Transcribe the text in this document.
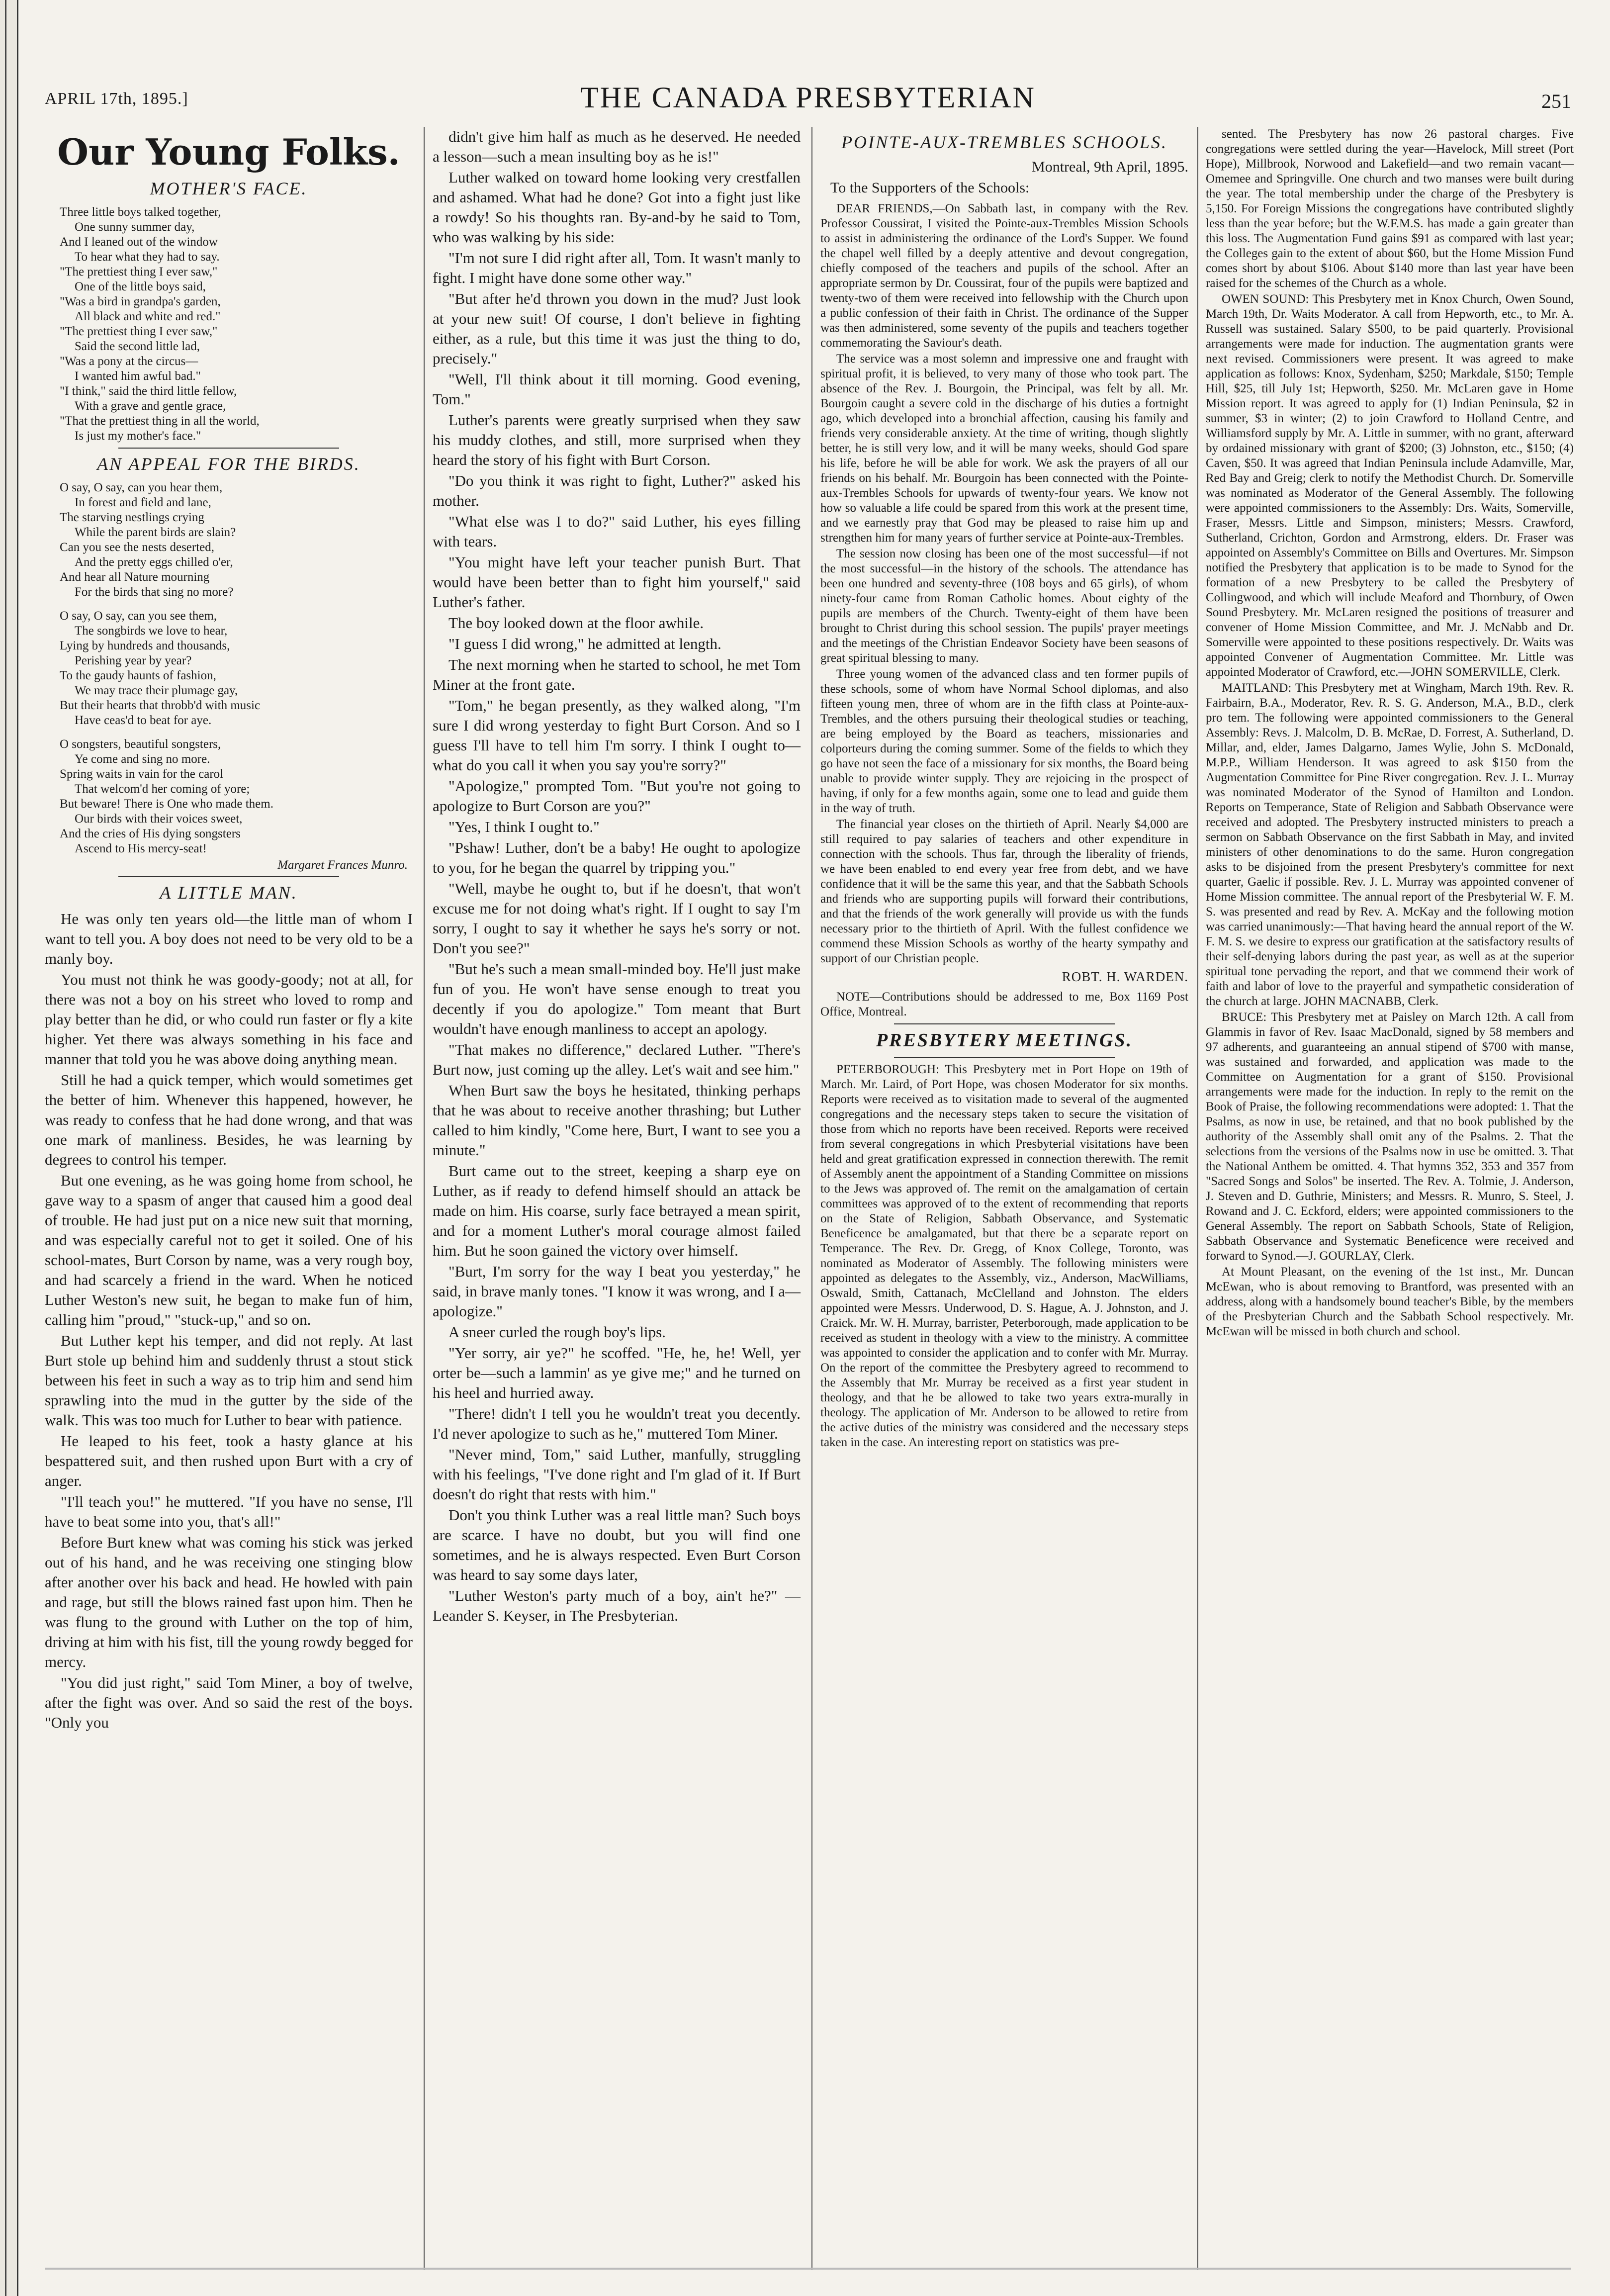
APRIL 17th, 1895.]	THE CANADA PRESBYTERIAN	251
Our Young Folks.
MOTHER'S FACE.
Three little boys talked together,
One sunny summer day,
And I leaned out of the window
To hear what they had to say.
"The prettiest thing I ever saw,"
One of the little boys said,
"Was a bird in grandpa's garden,
All black and white and red."
"The prettiest thing I ever saw,"
Said the second little lad,
"Was a pony at the circus—
I wanted him awful bad."
"I think," said the third little fellow,
With a grave and gentle grace,
"That the prettiest thing in all the world,
Is just my mother's face."
AN APPEAL FOR THE BIRDS.
O say, O say, can you hear them,
In forest and field and lane,
The starving nestlings crying
While the parent birds are slain?
Can you see the nests deserted,
And the pretty eggs chilled o'er,
And hear all Nature mourning
For the birds that sing no more?
O say, O say, can you see them,
The songbirds we love to hear,
Lying by hundreds and thousands,
Perishing year by year?
To the gaudy haunts of fashion,
We may trace their plumage gay,
But their hearts that throbb'd with music
Have ceas'd to beat for aye.
O songsters, beautiful songsters,
Ye come and sing no more.
Spring waits in vain for the carol
That welcom'd her coming of yore;
But beware! There is One who made them.
Our birds with their voices sweet,
And the cries of His dying songsters
Ascend to His mercy-seat!
Margaret Frances Munro.
A LITTLE MAN.

He was only ten years old—the little man of whom I want to tell you. A boy does not need to be very old to be a manly boy.

You must not think he was goody-goody; not at all, for there was not a boy on his street who loved to romp and play better than he did, or who could run faster or fly a kite higher. Yet there was always something in his face and manner that told you he was above doing anything mean.

Still he had a quick temper, which would sometimes get the better of him. Whenever this happened, however, he was ready to confess that he had done wrong, and that was one mark of manliness. Besides, he was learning by degrees to control his temper.

But one evening, as he was going home from school, he gave way to a spasm of anger that caused him a good deal of trouble. He had just put on a nice new suit that morning, and was especially careful not to get it soiled. One of his school-mates, Burt Corson by name, was a very rough boy, and had scarcely a friend in the ward. When he noticed Luther Weston's new suit, he began to make fun of him, calling him "proud," "stuck-up," and so on.

But Luther kept his temper, and did not reply. At last Burt stole up behind him and suddenly thrust a stout stick between his feet in such a way as to trip him and send him sprawling into the mud in the gutter by the side of the walk. This was too much for Luther to bear with patience.

He leaped to his feet, took a hasty glance at his bespattered suit, and then rushed upon Burt with a cry of anger.

"I'll teach you!" he muttered. "If you have no sense, I'll have to beat some into you, that's all!"

Before Burt knew what was coming his stick was jerked out of his hand, and he was receiving one stinging blow after another over his back and head. He howled with pain and rage, but still the blows rained fast upon him. Then he was flung to the ground with Luther on the top of him, driving at him with his fist, till the young rowdy begged for mercy.

"You did just right," said Tom Miner, a boy of twelve, after the fight was over. And so said the rest of the boys. "Only you

didn't give him half as much as he deserved. He needed a lesson—such a mean insulting boy as he is!"

Luther walked on toward home looking very crestfallen and ashamed. What had he done? Got into a fight just like a rowdy! So his thoughts ran. By-and-by he said to Tom, who was walking by his side:

"I'm not sure I did right after all, Tom. It wasn't manly to fight. I might have done some other way."

"But after he'd thrown you down in the mud? Just look at your new suit! Of course, I don't believe in fighting either, as a rule, but this time it was just the thing to do, precisely."

"Well, I'll think about it till morning. Good evening, Tom."

Luther's parents were greatly surprised when they saw his muddy clothes, and still, more surprised when they heard the story of his fight with Burt Corson.

"Do you think it was right to fight, Luther?" asked his mother.

"What else was I to do?" said Luther, his eyes filling with tears.

"You might have left your teacher punish Burt. That would have been better than to fight him yourself," said Luther's father.

The boy looked down at the floor awhile.

"I guess I did wrong," he admitted at length.

The next morning when he started to school, he met Tom Miner at the front gate.

"Tom," he began presently, as they walked along, "I'm sure I did wrong yesterday to fight Burt Corson. And so I guess I'll have to tell him I'm sorry. I think I ought to—what do you call it when you say you're sorry?"

"Apologize," prompted Tom. "But you're not going to apologize to Burt Corson are you?"

"Yes, I think I ought to."

"Pshaw! Luther, don't be a baby! He ought to apologize to you, for he began the quarrel by tripping you."

"Well, maybe he ought to, but if he doesn't, that won't excuse me for not doing what's right. If I ought to say I'm sorry, I ought to say it whether he says he's sorry or not. Don't you see?"

"But he's such a mean small-minded boy. He'll just make fun of you. He won't have sense enough to treat you decently if you do apologize." Tom meant that Burt wouldn't have enough manliness to accept an apology.

"That makes no difference," declared Luther. "There's Burt now, just coming up the alley. Let's wait and see him."

When Burt saw the boys he hesitated, thinking perhaps that he was about to receive another thrashing; but Luther called to him kindly, "Come here, Burt, I want to see you a minute."

Burt came out to the street, keeping a sharp eye on Luther, as if ready to defend himself should an attack be made on him. His coarse, surly face betrayed a mean spirit, and for a moment Luther's moral courage almost failed him. But he soon gained the victory over himself.

"Burt, I'm sorry for the way I beat you yesterday," he said, in brave manly tones. "I know it was wrong, and I a—apologize."

A sneer curled the rough boy's lips.

"Yer sorry, air ye?" he scoffed. "He, he, he! Well, yer orter be—such a lammin' as ye give me;" and he turned on his heel and hurried away.

"There! didn't I tell you he wouldn't treat you decently. I'd never apologize to such as he," muttered Tom Miner.

"Never mind, Tom," said Luther, manfully, struggling with his feelings, "I've done right and I'm glad of it. If Burt doesn't do right that rests with him."

Don't you think Luther was a real little man? Such boys are scarce. I have no doubt, but you will find one sometimes, and he is always respected. Even Burt Corson was heard to say some days later,

"Luther Weston's party much of a boy, ain't he?" —Leander S. Keyser, in The Presbyterian.

POINTE-AUX-TREMBLES SCHOOLS.
Montreal, 9th April, 1895.
To the Supporters of the Schools:

DEAR FRIENDS,—On Sabbath last, in company with the Rev. Professor Coussirat, I visited the Pointe-aux-Trembles Mission Schools to assist in administering the ordinance of the Lord's Supper. We found the chapel well filled by a deeply attentive and devout congregation, chiefly composed of the teachers and pupils of the school. After an appropriate sermon by Dr. Coussirat, four of the pupils were baptized and twenty-two of them were received into fellowship with the Church upon a public confession of their faith in Christ. The ordinance of the Supper was then administered, some seventy of the pupils and teachers together commemorating the Saviour's death.

The service was a most solemn and impressive one and fraught with spiritual profit, it is believed, to very many of those who took part. The absence of the Rev. J. Bourgoin, the Principal, was felt by all. Mr. Bourgoin caught a severe cold in the discharge of his duties a fortnight ago, which developed into a bronchial affection, causing his family and friends very considerable anxiety. At the time of writing, though slightly better, he is still very low, and it will be many weeks, should God spare his life, before he will be able for work. We ask the prayers of all our friends on his behalf. Mr. Bourgoin has been connected with the Pointe-aux-Trembles Schools for upwards of twenty-four years. We know not how so valuable a life could be spared from this work at the present time, and we earnestly pray that God may be pleased to raise him up and strengthen him for many years of further service at Pointe-aux-Trembles.

The session now closing has been one of the most successful—if not the most successful—in the history of the schools. The attendance has been one hundred and seventy-three (108 boys and 65 girls), of whom ninety-four came from Roman Catholic homes. About eighty of the pupils are members of the Church. Twenty-eight of them have been brought to Christ during this school session. The pupils' prayer meetings and the meetings of the Christian Endeavor Society have been seasons of great spiritual blessing to many.

Three young women of the advanced class and ten former pupils of these schools, some of whom have Normal School diplomas, and also fifteen young men, three of whom are in the fifth class at Pointe-aux-Trembles, and the others pursuing their theological studies or teaching, are being employed by the Board as teachers, missionaries and colporteurs during the coming summer. Some of the fields to which they go have not seen the face of a missionary for six months, the Board being unable to provide winter supply. They are rejoicing in the prospect of having, if only for a few months again, some one to lead and guide them in the way of truth.

The financial year closes on the thirtieth of April. Nearly $4,000 are still required to pay salaries of teachers and other expenditure in connection with the schools. Thus far, through the liberality of friends, we have been enabled to end every year free from debt, and we have confidence that it will be the same this year, and that the Sabbath Schools and friends who are supporting pupils will forward their contributions, and that the friends of the work generally will provide us with the funds necessary prior to the thirtieth of April. With the fullest confidence we commend these Mission Schools as worthy of the hearty sympathy and support of our Christian people.

ROBT. H. WARDEN.

NOTE—Contributions should be addressed to me, Box 1169 Post Office, Montreal.

PRESBYTERY MEETINGS.

PETERBOROUGH: This Presbytery met in Port Hope on 19th of March. Mr. Laird, of Port Hope, was chosen Moderator for six months. Reports were received as to visitation made to several of the augmented congregations and the necessary steps taken to secure the visitation of those from which no reports have been received. Reports were received from several congregations in which Presbyterial visitations have been held and great gratification expressed in connection therewith. The remit of Assembly anent the appointment of a Standing Committee on missions to the Jews was approved of. The remit on the amalgamation of certain committees was approved of to the extent of recommending that reports on the State of Religion, Sabbath Observance, and Systematic Beneficence be amalgamated, but that there be a separate report on Temperance. The Rev. Dr. Gregg, of Knox College, Toronto, was nominated as Moderator of Assembly. The following ministers were appointed as delegates to the Assembly, viz., Anderson, MacWilliams, Oswald, Smith, Cattanach, McClelland and Johnston. The elders appointed were Messrs. Underwood, D. S. Hague, A. J. Johnston, and J. Craick. Mr. W. H. Murray, barrister, Peterborough, made application to be received as student in theology with a view to the ministry. A committee was appointed to consider the application and to confer with Mr. Murray. On the report of the committee the Presbytery agreed to recommend to the Assembly that Mr. Murray be received as a first year student in theology, and that he be allowed to take two years extra-murally in theology. The application of Mr. Anderson to be allowed to retire from the active duties of the ministry was considered and the necessary steps taken in the case. An interesting report on statistics was pre-

sented. The Presbytery has now 26 pastoral charges. Five congregations were settled during the year—Havelock, Mill street (Port Hope), Millbrook, Norwood and Lakefield—and two remain vacant—Omemee and Springville. One church and two manses were built during the year. The total membership under the charge of the Presbytery is 5,150. For Foreign Missions the congregations have contributed slightly less than the year before; but the W.F.M.S. has made a gain greater than this loss. The Augmentation Fund gains $91 as compared with last year; the Colleges gain to the extent of about $60, but the Home Mission Fund comes short by about $106. About $140 more than last year have been raised for the schemes of the Church as a whole.

OWEN SOUND: This Presbytery met in Knox Church, Owen Sound, March 19th, Dr. Waits Moderator. A call from Hepworth, etc., to Mr. A. Russell was sustained. Salary $500, to be paid quarterly. Provisional arrangements were made for induction. The augmentation grants were next revised. Commissioners were present. It was agreed to make application as follows: Knox, Sydenham, $250; Markdale, $150; Temple Hill, $25, till July 1st; Hepworth, $250. Mr. McLaren gave in Home Mission report. It was agreed to apply for (1) Indian Peninsula, $2 in summer, $3 in winter; (2) to join Crawford to Holland Centre, and Williamsford supply by Mr. A. Little in summer, with no grant, afterward by ordained missionary with grant of $200; (3) Johnston, etc., $150; (4) Caven, $50. It was agreed that Indian Peninsula include Adamville, Mar, Red Bay and Greig; clerk to notify the Methodist Church. Dr. Somerville was nominated as Moderator of the General Assembly. The following were appointed commissioners to the Assembly: Drs. Waits, Somerville, Fraser, Messrs. Little and Simpson, ministers; Messrs. Crawford, Sutherland, Crichton, Gordon and Armstrong, elders. Dr. Fraser was appointed on Assembly's Committee on Bills and Overtures. Mr. Simpson notified the Presbytery that application is to be made to Synod for the formation of a new Presbytery to be called the Presbytery of Collingwood, and which will include Meaford and Thornbury, of Owen Sound Presbytery. Mr. McLaren resigned the positions of treasurer and convener of Home Mission Committee, and Mr. J. McNabb and Dr. Somerville were appointed to these positions respectively. Dr. Waits was appointed Convener of Augmentation Committee. Mr. Little was appointed Moderator of Crawford, etc.—JOHN SOMERVILLE, Clerk.

MAITLAND: This Presbytery met at Wingham, March 19th. Rev. R. Fairbairn, B.A., Moderator, Rev. R. S. G. Anderson, M.A., B.D., clerk pro tem. The following were appointed commissioners to the General Assembly: Revs. J. Malcolm, D. B. McRae, D. Forrest, A. Sutherland, D. Millar, and, elder, James Dalgarno, James Wylie, John S. McDonald, M.P.P., William Henderson. It was agreed to ask $150 from the Augmentation Committee for Pine River congregation. Rev. J. L. Murray was nominated Moderator of the Synod of Hamilton and London. Reports on Temperance, State of Religion and Sabbath Observance were received and adopted. The Presbytery instructed ministers to preach a sermon on Sabbath Observance on the first Sabbath in May, and invited ministers of other denominations to do the same. Huron congregation asks to be disjoined from the present Presbytery's committee for next quarter, Gaelic if possible. Rev. J. L. Murray was appointed convener of Home Mission committee. The annual report of the Presbyterial W. F. M. S. was presented and read by Rev. A. McKay and the following motion was carried unanimously:—That having heard the annual report of the W. F. M. S. we desire to express our gratification at the satisfactory results of their self-denying labors during the past year, as well as at the superior spiritual tone pervading the report, and that we commend their work of faith and labor of love to the prayerful and sympathetic consideration of the church at large. JOHN MACNABB, Clerk.

BRUCE: This Presbytery met at Paisley on March 12th. A call from Glammis in favor of Rev. Isaac MacDonald, signed by 58 members and 97 adherents, and guaranteeing an annual stipend of $700 with manse, was sustained and forwarded, and application was made to the Committee on Augmentation for a grant of $150. Provisional arrangements were made for the induction. In reply to the remit on the Book of Praise, the following recommendations were adopted: 1. That the Psalms, as now in use, be retained, and that no book published by the authority of the Assembly shall omit any of the Psalms. 2. That the selections from the versions of the Psalms now in use be omitted. 3. That the National Anthem be omitted. 4. That hymns 352, 353 and 357 from "Sacred Songs and Solos" be inserted. The Rev. A. Tolmie, J. Anderson, J. Steven and D. Guthrie, Ministers; and Messrs. R. Munro, S. Steel, J. Rowand and J. C. Eckford, elders; were appointed commissioners to the General Assembly. The report on Sabbath Schools, State of Religion, Sabbath Observance and Systematic Beneficence were received and forward to Synod.—J. GOURLAY, Clerk.

At Mount Pleasant, on the evening of the 1st inst., Mr. Duncan McEwan, who is about removing to Brantford, was presented with an address, along with a handsomely bound teacher's Bible, by the members of the Presbyterian Church and the Sabbath School respectively. Mr. McEwan will be missed in both church and school.
